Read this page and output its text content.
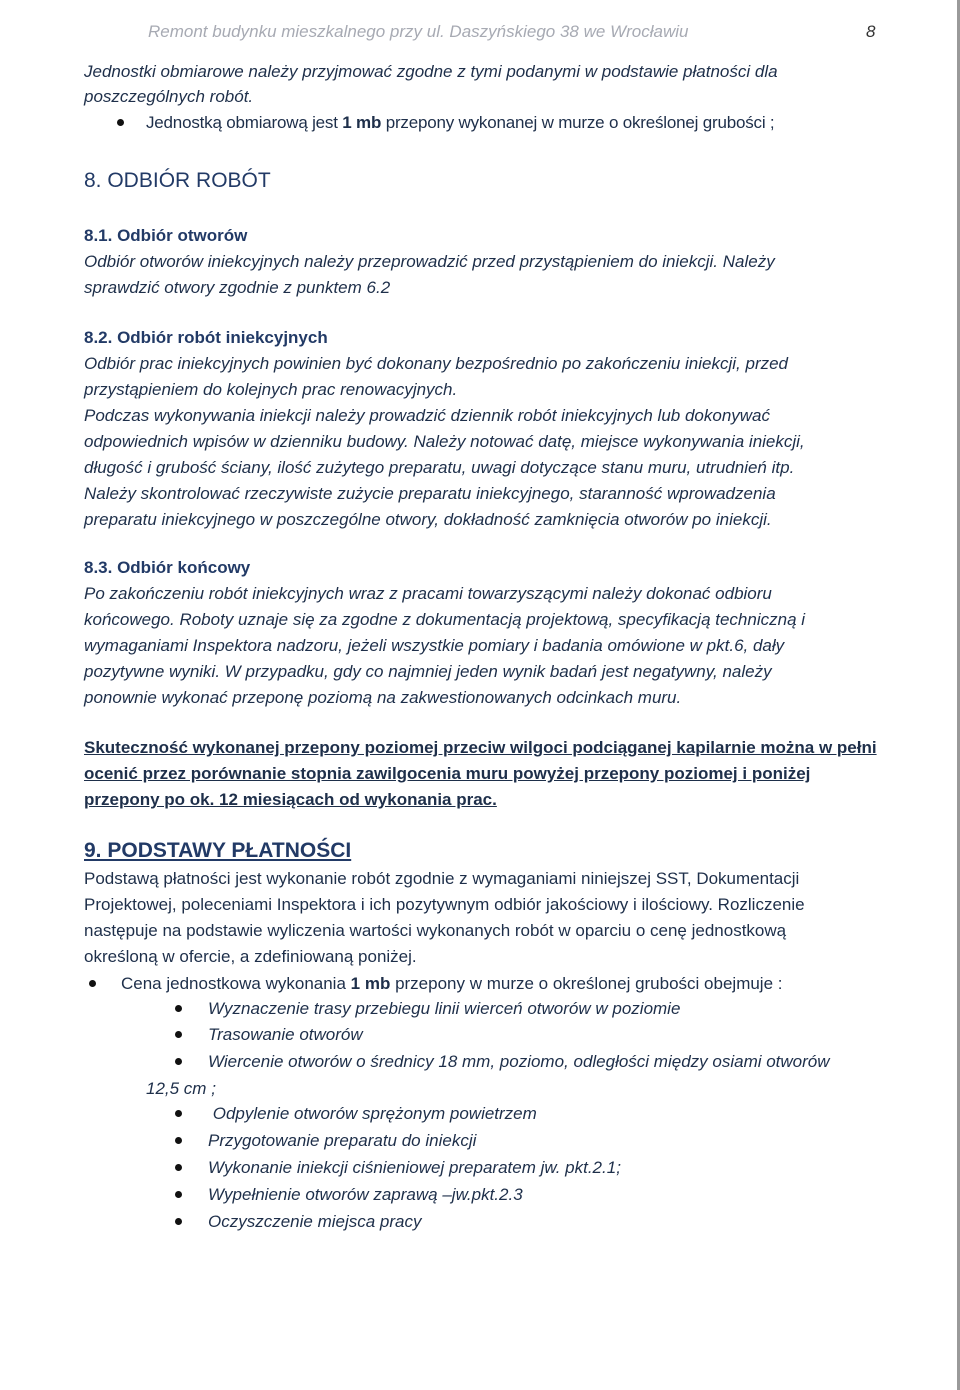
Remont budynku mieszkalnego przy ul. Daszyńskiego 38 we Wrocławiu	8
Jednostki obmiarowe należy przyjmować zgodne z tymi podanymi w podstawie płatności dla
poszczególnych robót.
Jednostką obmiarową jest 1 mb przepony wykonanej w murze o określonej grubości ;
8. ODBIÓR ROBÓT
8.1. Odbiór otworów
Odbiór otworów iniekcyjnych należy przeprowadzić przed przystąpieniem do iniekcji. Należy
sprawdzić otwory zgodnie z punktem 6.2
8.2. Odbiór robót iniekcyjnych
Odbiór prac iniekcyjnych powinien być dokonany bezpośrednio po zakończeniu iniekcji, przed
przystąpieniem do kolejnych prac renowacyjnych.
Podczas wykonywania iniekcji należy prowadzić dziennik robót iniekcyjnych lub dokonywać
odpowiednich wpisów w dzienniku budowy. Należy notować datę, miejsce wykonywania iniekcji,
długość i grubość ściany, ilość zużytego preparatu, uwagi dotyczące stanu muru, utrudnień itp.
Należy skontrolować rzeczywiste zużycie preparatu iniekcyjnego, staranność wprowadzenia
preparatu iniekcyjnego w poszczególne otwory, dokładność zamknięcia otworów po iniekcji.
8.3. Odbiór końcowy
Po zakończeniu robót iniekcyjnych wraz z pracami towarzyszącymi należy dokonać odbioru
końcowego. Roboty uznaje się za zgodne z dokumentacją projektową, specyfikacją techniczną i
wymaganiami Inspektora nadzoru, jeżeli wszystkie pomiary i badania omówione w pkt.6, dały
pozytywne wyniki. W przypadku, gdy co najmniej jeden wynik badań jest negatywny, należy
ponownie wykonać przeponę poziomą na zakwestionowanych odcinkach muru.
Skuteczność wykonanej przepony poziomej przeciw wilgoci podciąganej kapilarnie można w pełni
ocenić przez porównanie stopnia zawilgocenia muru powyżej przepony poziomej i poniżej
przepony po ok. 12 miesiącach od wykonania prac.
9. PODSTAWY PŁATNOŚCI
Podstawą płatności jest wykonanie robót zgodnie z wymaganiami niniejszej SST, Dokumentacji
Projektowej, poleceniami Inspektora i ich pozytywnym odbiór jakościowy i ilościowy. Rozliczenie
następuje na podstawie wyliczenia wartości wykonanych robót w oparciu o cenę jednostkową
określoną w ofercie, a zdefiniowaną poniżej.
Cena jednostkowa wykonania 1 mb przepony w murze o określonej grubości obejmuje :
Wyznaczenie trasy przebiegu linii wierceń otworów w poziomie
Trasowanie otworów
Wiercenie otworów o średnicy 18 mm, poziomo, odległości między osiami otworów
12,5 cm ;
Odpylenie otworów sprężonym powietrzem
Przygotowanie preparatu do iniekcji
Wykonanie iniekcji ciśnieniowej preparatem jw. pkt.2.1;
Wypełnienie otworów zaprawą –jw.pkt.2.3
Oczyszczenie miejsca pracy
